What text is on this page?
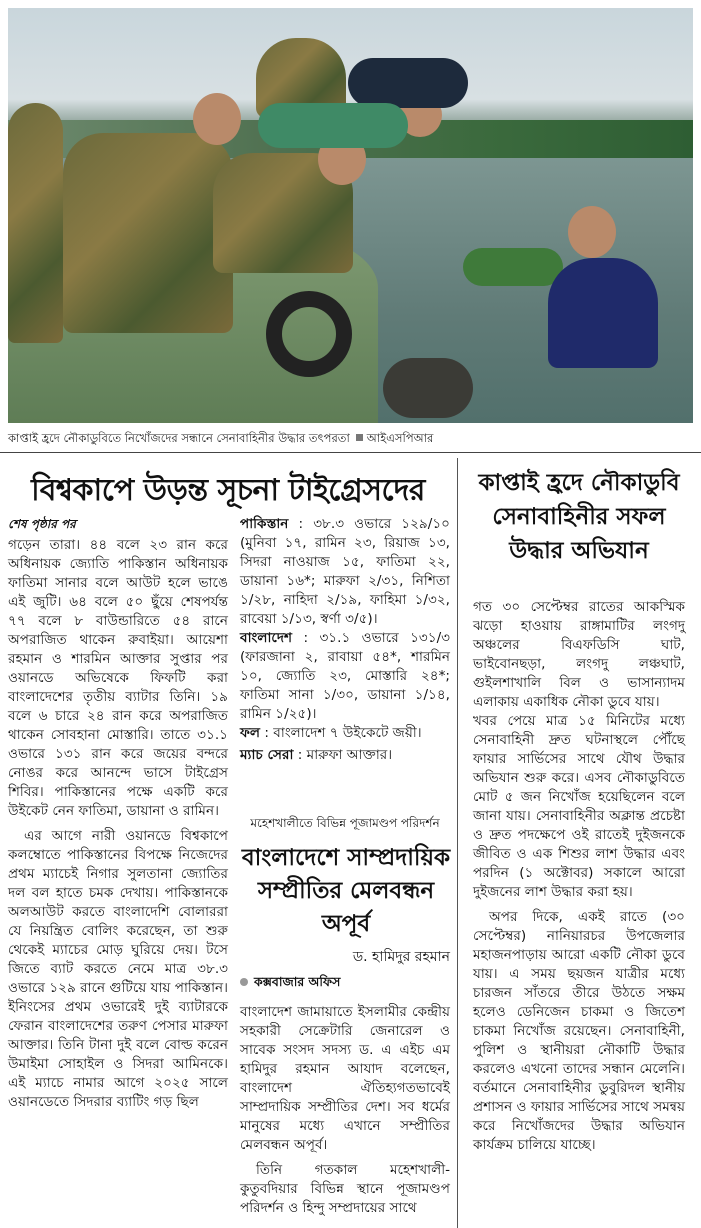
কাপ্তাই হ্রদে নৌকাডুবিতে নিখোঁজদের সন্ধানে সেনাবাহিনীর উদ্ধার তৎপরতা আইএসপিআর
বিশ্বকাপে উড়ন্ত সূচনা টাইগ্রেসদের
শেষ পৃষ্ঠার পর

গড়েন তারা। ৪৪ বলে ২৩ রান করে অধিনায়ক জ্যোতি পাকিস্তান অধিনায়ক ফাতিমা সানার বলে আউট হলে ভাঙে এই জুটি। ৬৪ বলে ৫০ ছুঁয়ে শেষপর্যন্ত ৭৭ বলে ৮ বাউন্ডারিতে ৫৪ রানে অপরাজিত থাকেন রুবাইয়া। আয়েশা রহমান ও শারমিন আক্তার সুপ্তার পর ওয়ানডে অভিষেকে ফিফটি করা বাংলাদেশের তৃতীয় ব্যাটার তিনি। ১৯ বলে ৬ চারে ২৪ রান করে অপরাজিত থাকেন সোবহানা মোস্তারি। তাতে ৩১.১ ওভারে ১৩১ রান করে জয়ের বন্দরে নোঙর করে আনন্দে ভাসে টাইগ্রেস শিবির। পাকিস্তানের পক্ষে একটি করে উইকেট নেন ফাতিমা, ডায়ানা ও রামিন।

এর আগে নারী ওয়ানডে বিশ্বকাপে কলম্বোতে পাকিস্তানের বিপক্ষে নিজেদের প্রথম ম্যাচেই নিগার সুলতানা জ্যোতির দল বল হাতে চমক দেখায়। পাকিস্তানকে অলআউট করতে বাংলাদেশি বোলাররা যে নিয়ন্ত্রিত বোলিং করেছেন, তা শুরু থেকেই ম্যাচের মোড় ঘুরিয়ে দেয়। টসে জিতে ব্যাট করতে নেমে মাত্র ৩৮.৩ ওভারে ১২৯ রানে গুটিয়ে যায় পাকিস্তান। ইনিংসের প্রথম ওভারেই দুই ব্যাটারকে ফেরান বাংলাদেশের তরুণ পেসার মারুফা আক্তার। তিনি টানা দুই বলে বোল্ড করেন উমাইমা সোহাইল ও সিদরা আমিনকে। এই ম্যাচে নামার আগে ২০২৫ সালে ওয়ানডেতে সিদরার ব্যাটিং গড় ছিল

পাকিস্তান : ৩৮.৩ ওভারে ১২৯/১০ (মুনিবা ১৭, রামিন ২৩, রিয়াজ ১৩, সিদরা নাওয়াজ ১৫, ফাতিমা ২২, ডায়ানা ১৬*; মারুফা ২/৩১, নিশিতা ১/২৮, নাহিদা ২/১৯, ফাহিমা ১/৩২, রাবেয়া ১/১৩, স্বর্ণা ৩/৫)।

বাংলাদেশ : ৩১.১ ওভারে ১৩১/৩ (ফারজানা ২, রাবায়া ৫৪*, শারমিন ১০, জ্যোতি ২৩, মোস্তারি ২৪*; ফাতিমা সানা ১/৩০, ডায়ানা ১/১৪, রামিন ১/২৫)।

ফল : বাংলাদেশ ৭ উইকেটে জয়ী।

ম্যাচ সেরা : মারুফা আক্তার।

মহেশখালীতে বিভিন্ন পূজামণ্ডপ পরিদর্শন
বাংলাদেশে সাম্প্রদায়িক সম্প্রীতির মেলবন্ধন অপূর্ব
ড. হামিদুর রহমান
কক্সবাজার অফিস

বাংলাদেশ জামায়াতে ইসলামীর কেন্দ্রীয় সহকারী সেক্রেটারি জেনারেল ও সাবেক সংসদ সদস্য ড. এ এইচ এম হামিদুর রহমান আযাদ বলেছেন, বাংলাদেশ ঐতিহ্যগতভাবেই সাম্প্রদায়িক সম্প্রীতির দেশ। সব ধর্মের মানুষের মধ্যে এখানে সম্প্রীতির মেলবন্ধন অপূর্ব।

তিনি গতকাল মহেশখালী-কুতুবদিয়ার বিভিন্ন স্থানে পূজামণ্ডপ পরিদর্শন ও হিন্দু সম্প্রদায়ের সাথে

কাপ্তাই হ্রদে নৌকাডুবি সেনাবাহিনীর সফল উদ্ধার অভিযান

গত ৩০ সেপ্টেম্বর রাতের আকস্মিক ঝড়ো হাওয়ায় রাঙ্গামাটির লংগদু অঞ্চলের বিএফডিসি ঘাট, ভাইবোনছড়া, লংগদু লঞ্চঘাট, গুইলশাখালি বিল ও ভাসান্যাদম এলাকায় একাধিক নৌকা ডুবে যায়।

খবর পেয়ে মাত্র ১৫ মিনিটের মধ্যে সেনাবাহিনী দ্রুত ঘটনাস্থলে পৌঁছে ফায়ার সার্ভিসের সাথে যৌথ উদ্ধার অভিযান শুরু করে। এসব নৌকাডুবিতে মোট ৫ জন নিখোঁজ হয়েছিলেন বলে জানা যায়। সেনাবাহিনীর অক্লান্ত প্রচেষ্টা ও দ্রুত পদক্ষেপে ওই রাতেই দুইজনকে জীবিত ও এক শিশুর লাশ উদ্ধার এবং পরদিন (১ অক্টোবর) সকালে আরো দুইজনের লাশ উদ্ধার করা হয়।

অপর দিকে, একই রাতে (৩০ সেপ্টেম্বর) নানিয়ারচর উপজেলার মহাজনপাড়ায় আরো একটি নৌকা ডুবে যায়। এ সময় ছয়জন যাত্রীর মধ্যে চারজন সাঁতরে তীরে উঠতে সক্ষম হলেও ডেনিজেন চাকমা ও জিতেশ চাকমা নিখোঁজ রয়েছেন। সেনাবাহিনী, পুলিশ ও স্থানীয়রা নৌকাটি উদ্ধার করলেও এখনো তাদের সন্ধান মেলেনি। বর্তমানে সেনাবাহিনীর ডুবুরিদল স্থানীয় প্রশাসন ও ফায়ার সার্ভিসের সাথে সমন্বয় করে নিখোঁজদের উদ্ধার অভিযান কার্যক্রম চালিয়ে যাচ্ছে।
